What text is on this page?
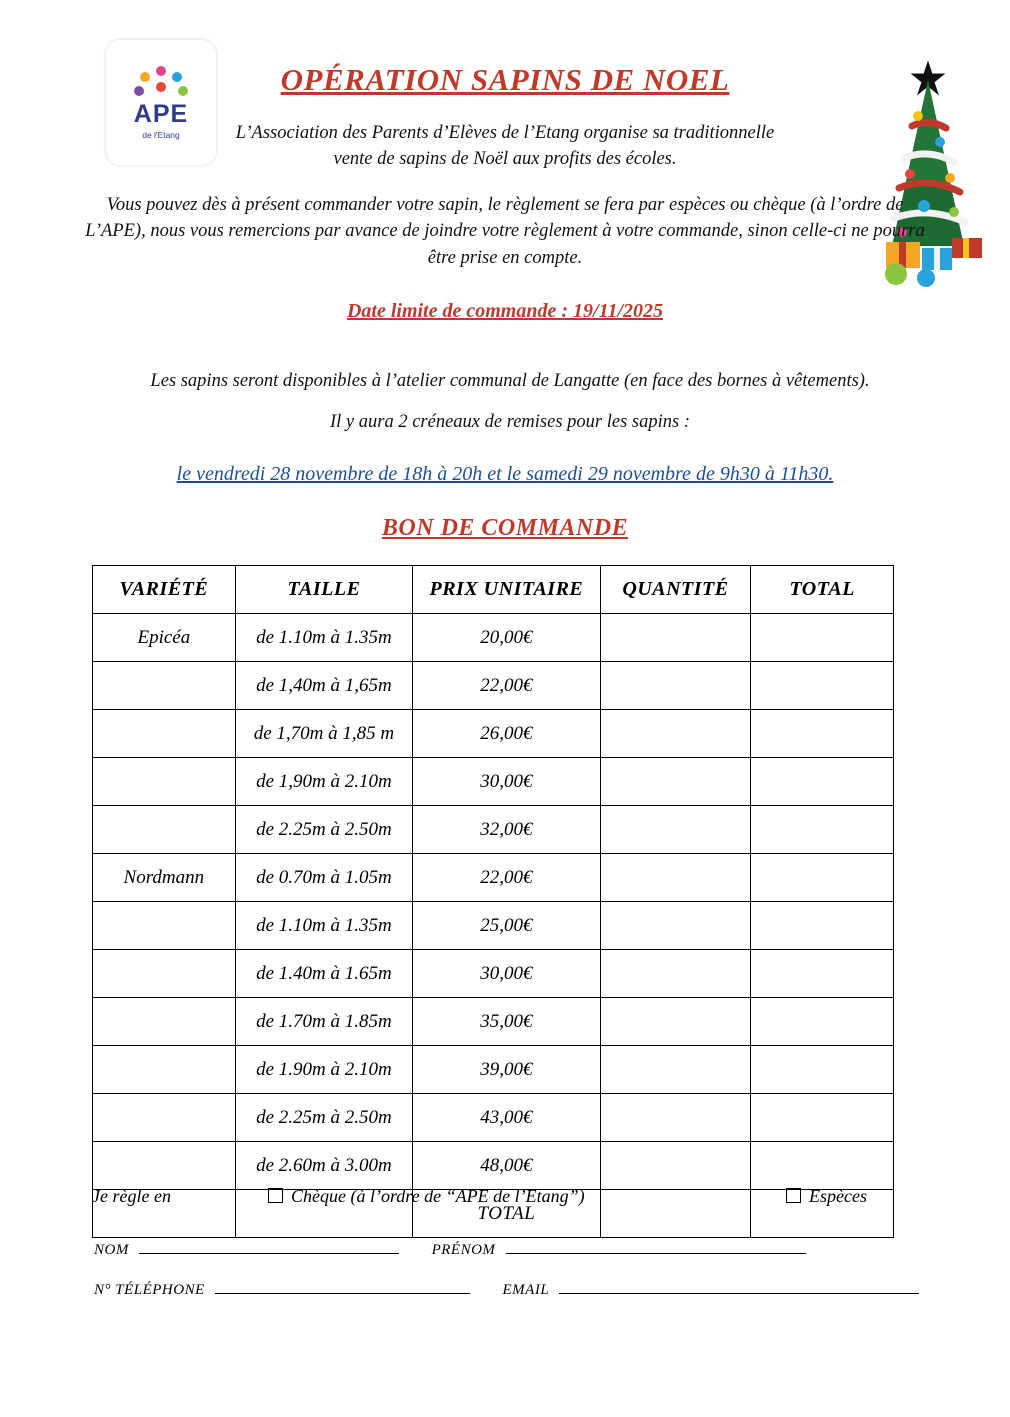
APE
de l'Etang
OPÉRATION SAPINS DE NOEL
L’Association des Parents d’Elèves de l’Etang organise sa traditionnelle vente de sapins de Noël aux profits des écoles.
Vous pouvez dès à présent commander votre sapin, le règlement se fera par espèces ou chèque (à l’ordre de L’APE), nous vous remercions par avance de joindre votre règlement à votre commande, sinon celle-ci ne pourra être prise en compte.
Date limite de commande : 19/11/2025
Les sapins seront disponibles à l’atelier communal de Langatte (en face des bornes à vêtements).
Il y aura 2 créneaux de remises pour les sapins :
le vendredi 28 novembre de 18h à 20h et le samedi 29 novembre de 9h30 à 11h30.
BON DE COMMANDE
VARIÉTÉ	TAILLE	PRIX UNITAIRE	QUANTITÉ	TOTAL
Epicéa	de 1.10m à 1.35m	20,00€		
	de 1,40m à 1,65m	22,00€		
	de 1,70m à 1,85 m	26,00€		
	de 1,90m à 2.10m	30,00€		
	de 2.25m à 2.50m	32,00€		
Nordmann	de 0.70m à 1.05m	22,00€		
	de 1.10m à 1.35m	25,00€		
	de 1.40m à 1.65m	30,00€		
	de 1.70m à 1.85m	35,00€		
	de 1.90m à 2.10m	39,00€		
	de 2.25m à 2.50m	43,00€		
	de 2.60m à 3.00m	48,00€		
		TOTAL		
Je règle en	Chèque (à l’ordre de “APE de l’Etang”)	Espèces
NOM	PRÉNOM
N° TÉLÉPHONE	EMAIL
